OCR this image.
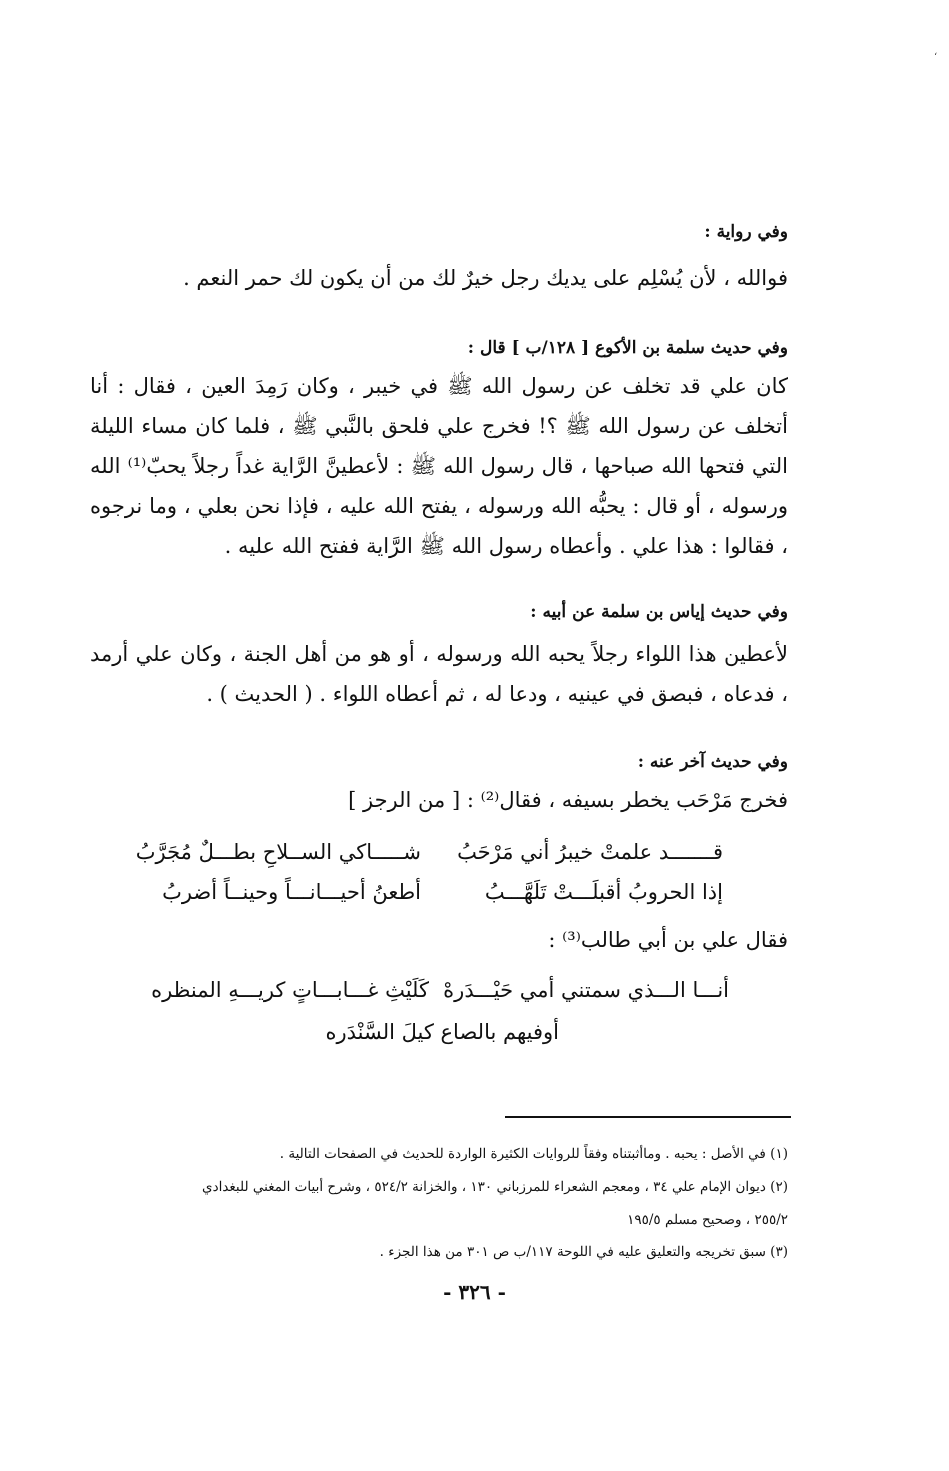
‘
وفي رواية :
فوالله ، لأن يُسْلِم على يديك رجل خيرٌ لك من أن يكون لك حمر النعم .
وفي حديث سلمة بن الأكوع [ ١٢٨/ب ] قال :
كان علي قد تخلف عن رسول الله ﷺ في خيبر ، وكان رَمِدَ العين ، فقال : أنا أتخلف عن رسول الله ﷺ ؟! فخرج علي فلحق بالنَّبي ﷺ ، فلما كان مساء الليلة التي فتحها الله صباحها ، قال رسول الله ﷺ : لأعطينَّ الرَّاية غداً رجلاً يحبّ⁽¹⁾ الله ورسوله ، أو قال : يحبُّه الله ورسوله ، يفتح الله عليه ، فإذا نحن بعلي ، وما نرجوه ، فقالوا : هذا علي . وأعطاه رسول الله ﷺ الرَّاية ففتح الله عليه .
وفي حديث إياس بن سلمة عن أبيه :
لأعطين هذا اللواء رجلاً يحبه الله ورسوله ، أو هو من أهل الجنة ، وكان علي أرمد ، فدعاه ، فبصق في عينيه ، ودعا له ، ثم أعطاه اللواء . ( الحديث ) .
وفي حديث آخر عنه :
فخرج مَرْحَب يخطر بسيفه ، فقال⁽²⁾ : [ من الرجز ]
قـــــــد علمتْ خيبرُ أني مَرْحَبُ
شـــــاكي الســلاحِ بطـــلٌ مُجَرَّبُ
إذا الحروبُ أقبلَـــتْ تَلَهَّـــبُ
أطعنُ أحيـــانـــاً وحينــاً أضربُ
فقال علي بن أبي طالب⁽³⁾ :
أنـــا الـــذي سمتني أمي حَيْـــدَرهْ
كَلَيْثِ غـــابـــاتٍ كريـــهِ المنظره
أوفيهم بالصاع كيلَ السَّنْدَره
(١) في الأصل : يحبه . وماأثبتناه وفقاً للروايات الكثيرة الواردة للحديث في الصفحات التالية .
(٢) ديوان الإمام علي ٣٤ ، ومعجم الشعراء للمرزباني ١٣٠ ، والخزانة ٥٢٤/٢ ، وشرح أبيات المغني للبغدادي
٢٥٥/٢ ، وصحيح مسلم ١٩٥/٥
(٣) سبق تخريجه والتعليق عليه في اللوحة ١١٧/ب ص ٣٠١ من هذا الجزء .
- ٣٢٦ -
